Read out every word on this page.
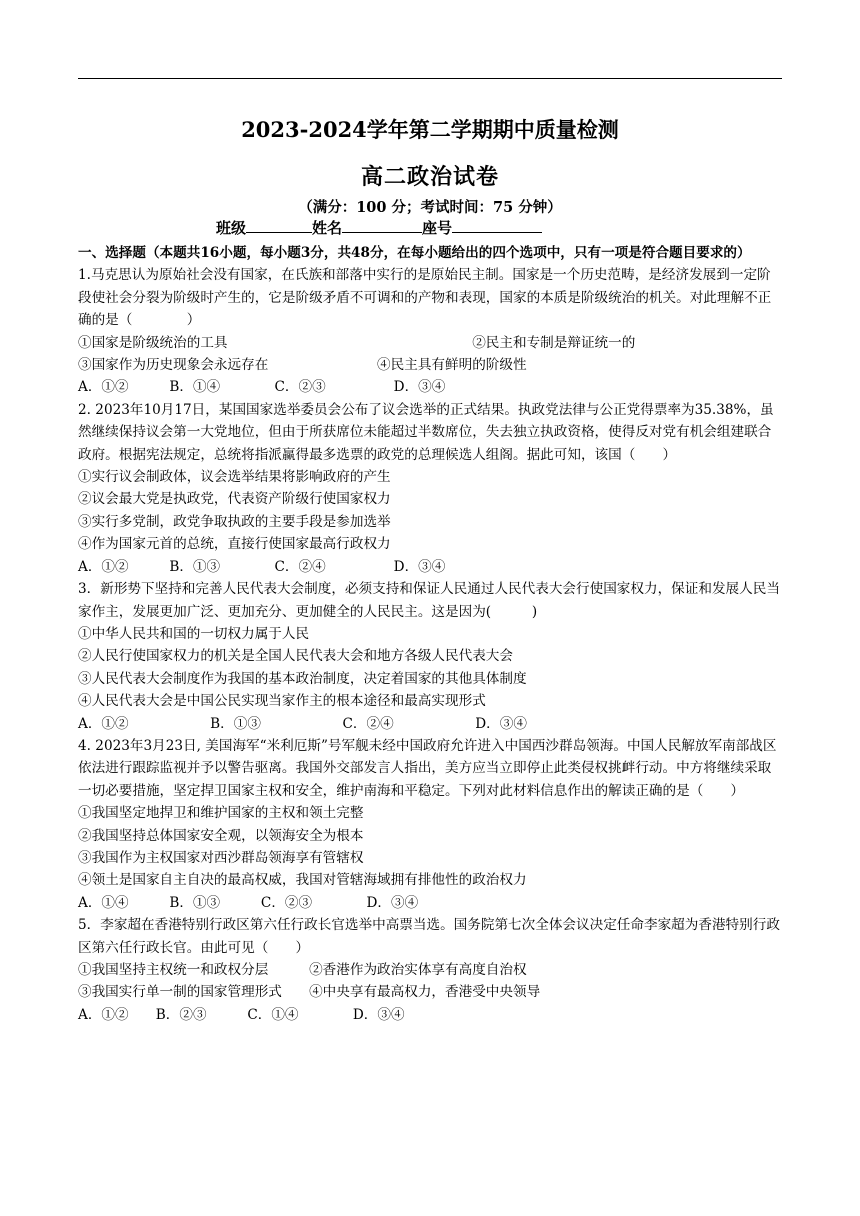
2023-2024学年第二学期期中质量检测
高二政治试卷
（满分：100 分；考试时间：75 分钟）
班级	姓名	座号

一、选择题（本题共16小题，每小题3分，共48分，在每小题给出的四个选项中，只有一项是符合题目要求的）

1.马克思认为原始社会没有国家，在氏族和部落中实行的是原始民主制。国家是一个历史范畴，是经济发展到一定阶段使社会分裂为阶级时产生的，它是阶级矛盾不可调和的产物和表现，国家的本质是阶级统治的机关。对此理解不正确的是（　　　　）

①国家是阶级统治的工具　　　　　　　　　　　　　　　　　　②民主和专制是辩证统一的

③国家作为历史现象会永远存在　　　　　　　　④民主具有鲜明的阶级性

A．①②　　　B．①④　　　　C．②③　　　　　D．③④

2. 2023年10月17日，某国国家选举委员会公布了议会选举的正式结果。执政党法律与公正党得票率为35.38%，虽然继续保持议会第一大党地位，但由于所获席位未能超过半数席位，失去独立执政资格，使得反对党有机会组建联合政府。根据宪法规定，总统将指派赢得最多选票的政党的总理候选人组阁。据此可知，该国（　　）

①实行议会制政体，议会选举结果将影响政府的产生

②议会最大党是执政党，代表资产阶级行使国家权力

③实行多党制，政党争取执政的主要手段是参加选举

④作为国家元首的总统，直接行使国家最高行政权力

A．①②　　　B．①③　　　　C．②④　　　　　D．③④

3．新形势下坚持和完善人民代表大会制度，必须支持和保证人民通过人民代表大会行使国家权力，保证和发展人民当家作主，发展更加广泛、更加充分、更加健全的人民民主。这是因为(　　　)

①中华人民共和国的一切权力属于人民

②人民行使国家权力的机关是全国人民代表大会和地方各级人民代表大会

③人民代表大会制度作为我国的基本政治制度，决定着国家的其他具体制度

④人民代表大会是中国公民实现当家作主的根本途径和最高实现形式

A．①②　　　　　　B．①③　　　　　　C．②④　　　　　　D．③④

4. 2023年3月23日, 美国海军“米利厄斯”号军舰未经中国政府允许进入中国西沙群岛领海。中国人民解放军南部战区依法进行跟踪监视并予以警告驱离。我国外交部发言人指出，美方应当立即停止此类侵权挑衅行动。中方将继续采取一切必要措施，坚定捍卫国家主权和安全，维护南海和平稳定。下列对此材料信息作出的解读正确的是（　　）

①我国坚定地捍卫和维护国家的主权和领土完整

②我国坚持总体国家安全观，以领海安全为根本

③我国作为主权国家对西沙群岛领海享有管辖权

④领土是国家自主自决的最高权威，我国对管辖海域拥有排他性的政治权力

A．①④　　　B．①③　　　C．②③　　　　D．③④

5．李家超在香港特别行政区第六任行政长官选举中高票当选。国务院第七次全体会议决定任命李家超为香港特别行政区第六任行政长官。由此可见（　　）

①我国坚持主权统一和政权分层　　　②香港作为政治实体享有高度自治权

③我国实行单一制的国家管理形式　　④中央享有最高权力，香港受中央领导

A．①②　　B．②③　　　C．①④　　　　D．③④
